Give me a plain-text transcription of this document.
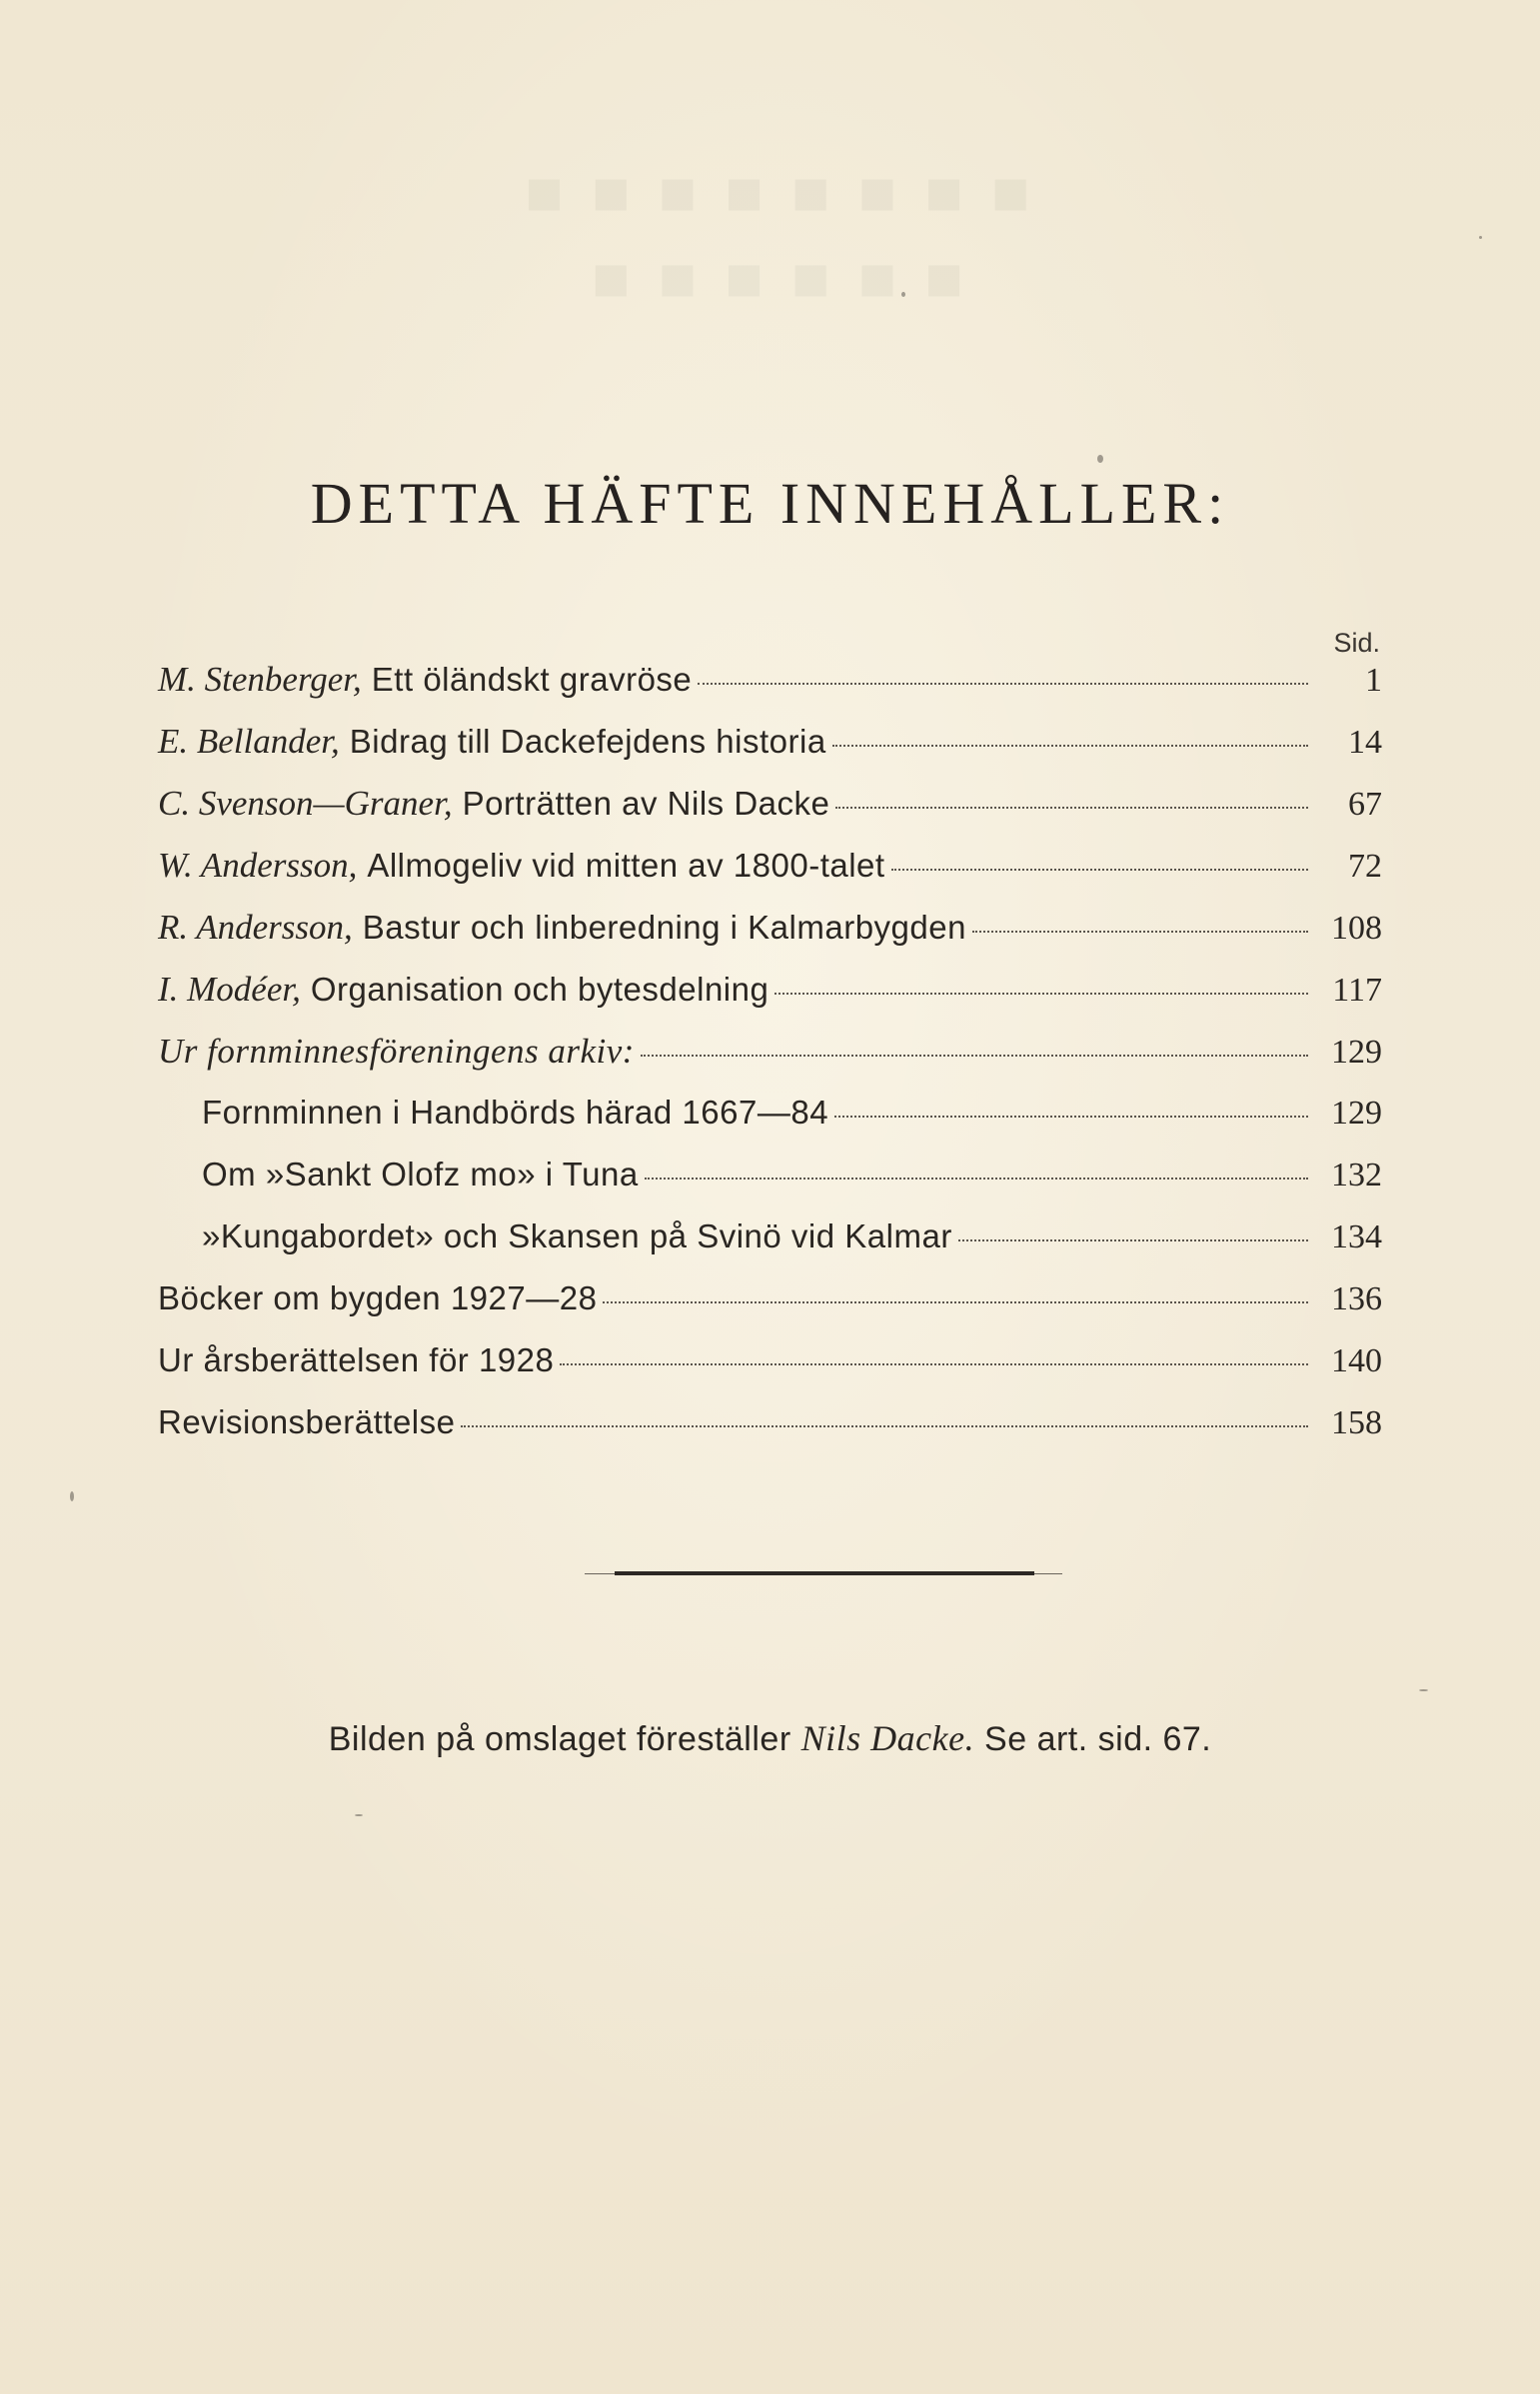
■ ■ ■ ■ ■ ■ ■ ■
■ ■ ■ ■ ■ ■
DETTA HÄFTE INNEHÅLLER:
Sid.
M. Stenberger, Ett öländskt gravröse	1
E. Bellander, Bidrag till Dackefejdens historia	14
C. Svenson—Graner, Porträtten av Nils Dacke	67
W. Andersson, Allmogeliv vid mitten av 1800-talet	72
R. Andersson, Bastur och linberedning i Kalmarbygden	108
I. Modéer, Organisation och bytesdelning	117
Ur fornminnesföreningens arkiv:	129
Fornminnen i Handbörds härad 1667—84	129
Om »Sankt Olofz mo» i Tuna	132
»Kungabordet» och Skansen på Svinö vid Kalmar	134
Böcker om bygden 1927—28	136
Ur årsberättelsen för 1928	140
Revisionsberättelse	158
Bilden på omslaget föreställer Nils Dacke. Se art. sid. 67.
